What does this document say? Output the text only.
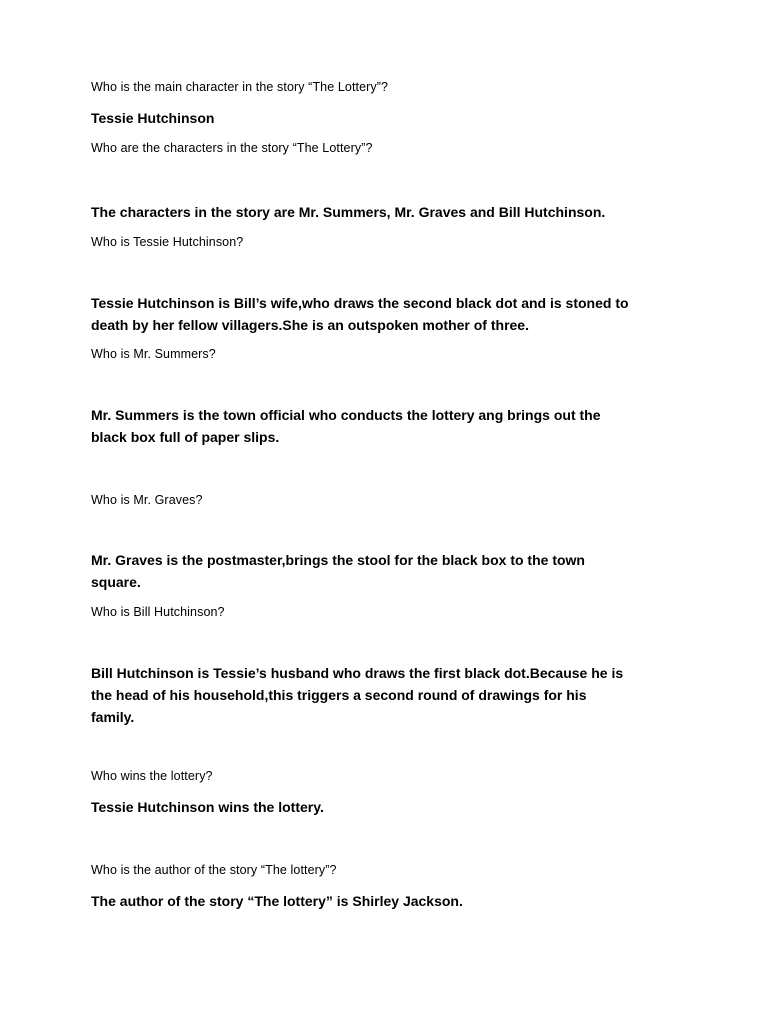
Who is the main character in the story “The Lottery”?

Tessie Hutchinson

Who are the characters in the story “The Lottery”?

The characters in the story are Mr. Summers, Mr. Graves and Bill Hutchinson.

Who is Tessie Hutchinson?

Tessie Hutchinson is Bill’s wife,who draws the second black dot and is stoned to
death by her fellow villagers.She is an outspoken mother of three.

Who is Mr. Summers?

Mr. Summers is the town official who conducts the lottery ang brings out the
black box full of paper slips.

Who is Mr. Graves?

Mr. Graves is the postmaster,brings the stool for the black box to the town
square.

Who is Bill Hutchinson?

Bill Hutchinson is Tessie’s husband who draws the first black dot.Because he is
the head of his household,this triggers a second round of drawings for his
family.

Who wins the lottery?

Tessie Hutchinson wins the lottery.

Who is the author of the story “The lottery”?

The author of the story “The lottery” is Shirley Jackson.
